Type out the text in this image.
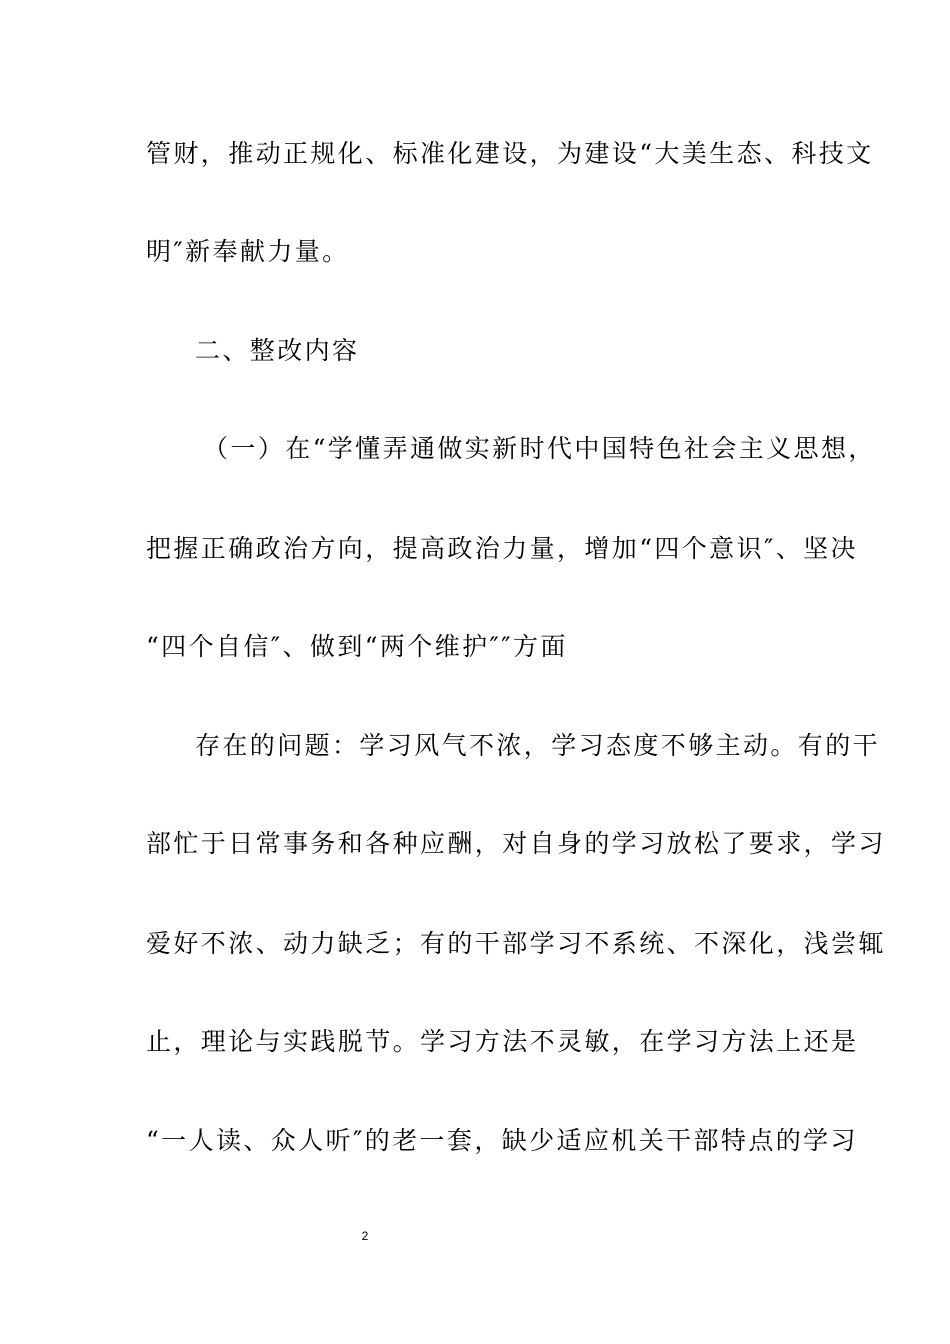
管财，推动正规化、标准化建设，为建设“大美生态、科技文
明″新奉献力量。
二、整改内容
（一）在“学懂弄通做实新时代中国特色社会主义思想，
把握正确政治方向，提高政治力量，增加“四个意识″、坚决
“四个自信″、做到“两个维护″″方面
存在的问题：学习风气不浓，学习态度不够主动。有的干
部忙于日常事务和各种应酬，对自身的学习放松了要求，学习
爱好不浓、动力缺乏；有的干部学习不系统、不深化，浅尝辄
止，理论与实践脱节。学习方法不灵敏，在学习方法上还是
“一人读、众人听″的老一套，缺少适应机关干部特点的学习
2
